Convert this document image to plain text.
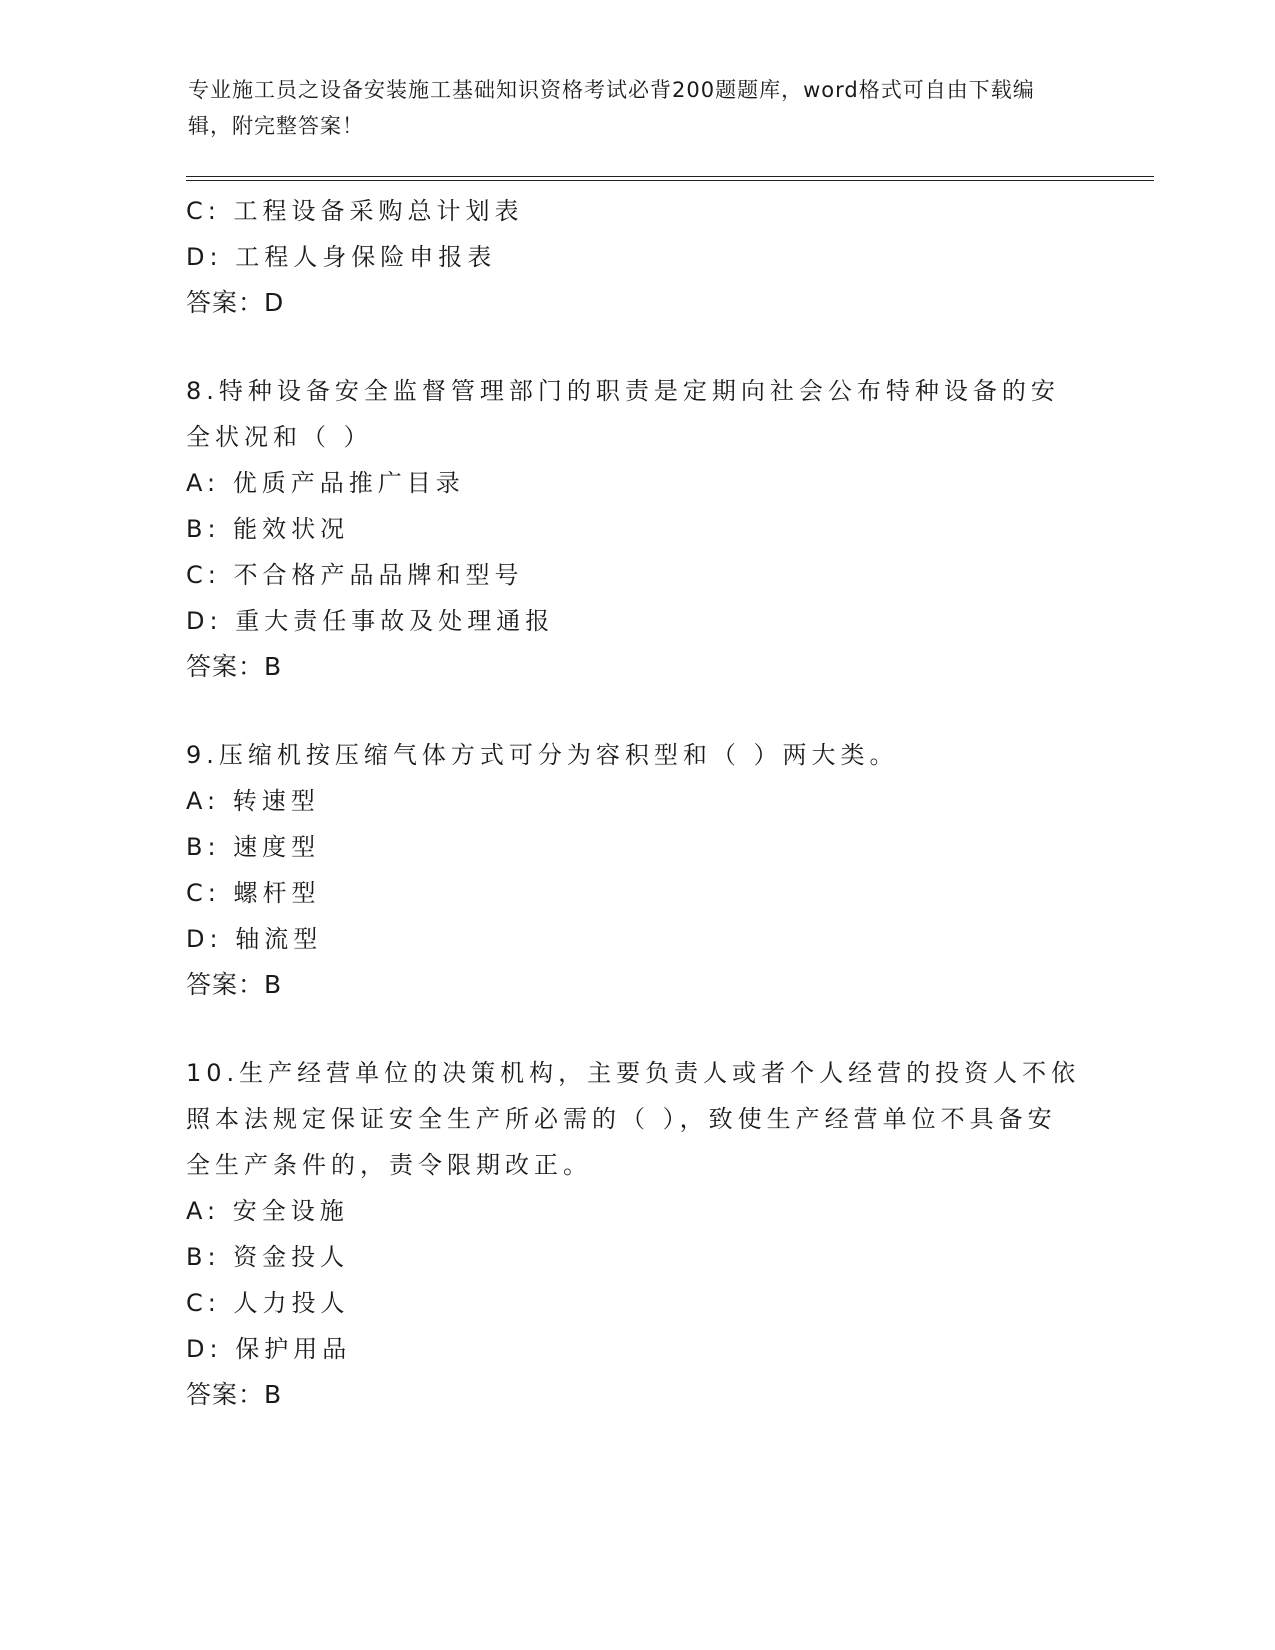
专业施工员之设备安装施工基础知识资格考试必背200题题库，word格式可自由下载编辑，附完整答案！
C: 工程设备采购总计划表
D: 工程人身保险申报表
答案：D
8.特种设备安全监督管理部门的职责是定期向社会公布特种设备的安
全状况和（ ）
A: 优质产品推广目录
B: 能效状况
C: 不合格产品品牌和型号
D: 重大责任事故及处理通报
答案：B
9.压缩机按压缩气体方式可分为容积型和（ ）两大类。
A: 转速型
B: 速度型
C: 螺杆型
D: 轴流型
答案：B
10.生产经营单位的决策机构，主要负责人或者个人经营的投资人不依
照本法规定保证安全生产所必需的（ ），致使生产经营单位不具备安
全生产条件的，责令限期改正。
A: 安全设施
B: 资金投人
C: 人力投人
D: 保护用品
答案：B
